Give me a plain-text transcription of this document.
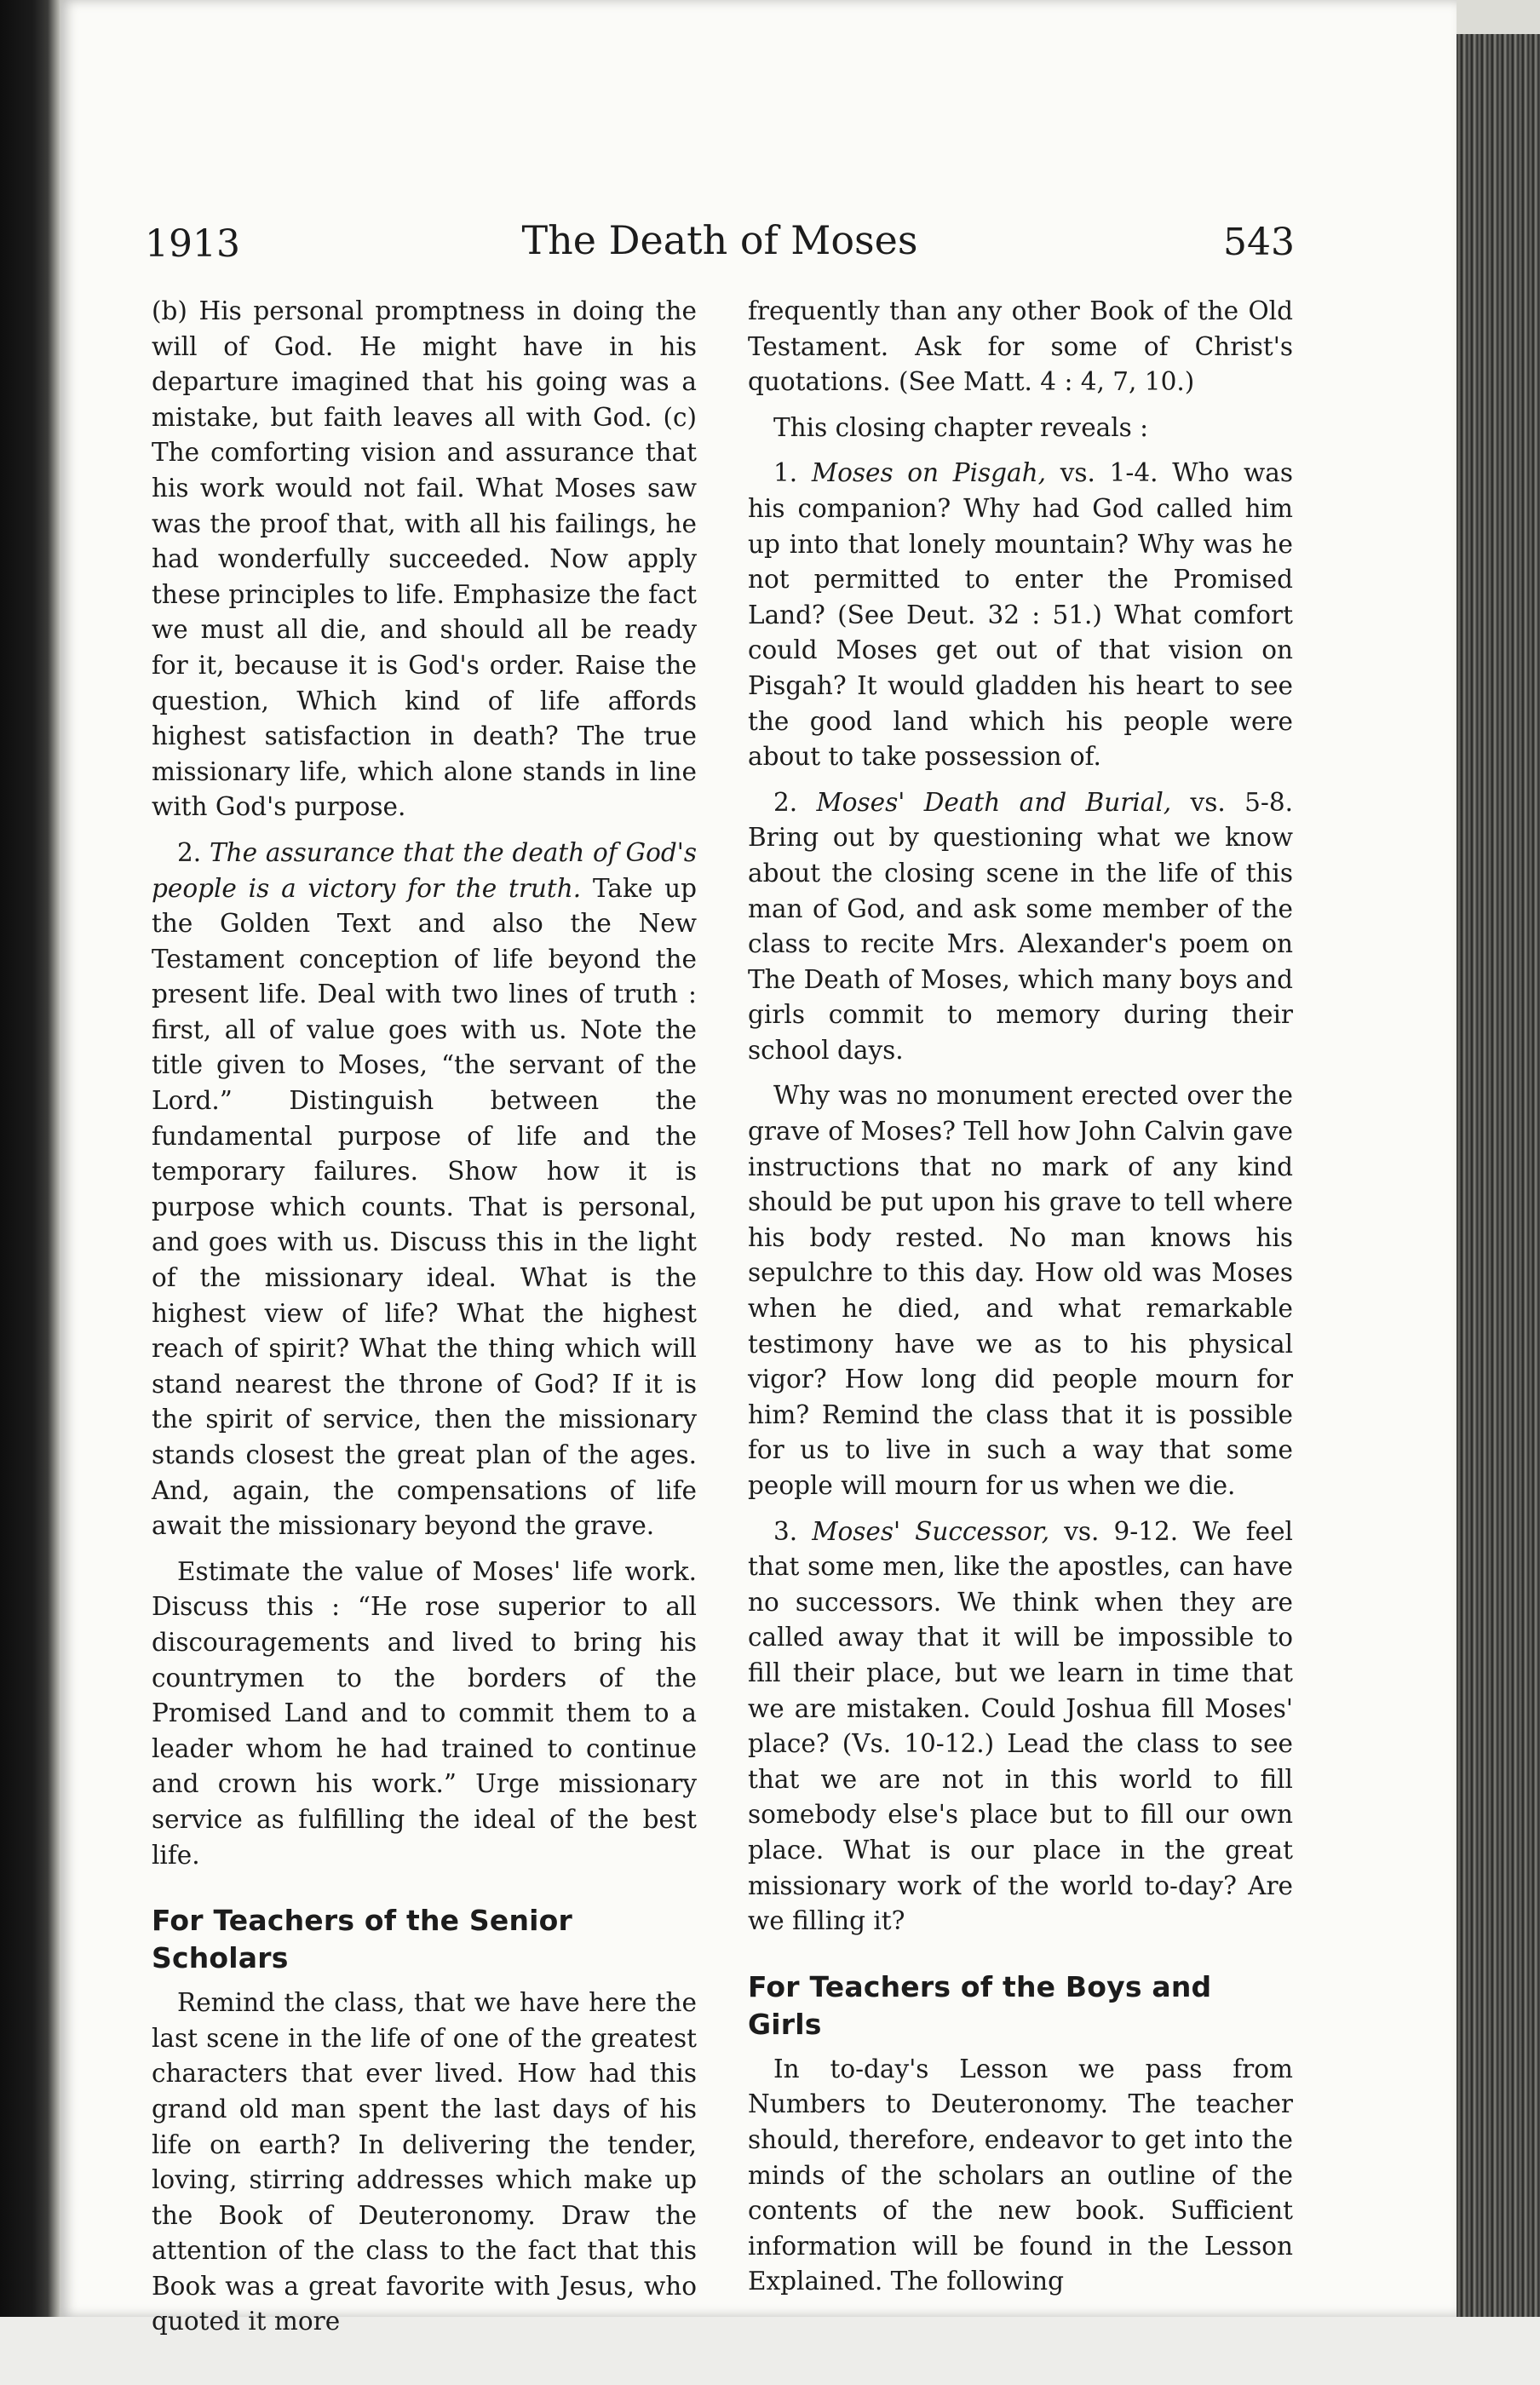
1913	The Death of Moses	543

(b) His personal promptness in doing the will of God. He might have in his departure imagined that his going was a mistake, but faith leaves all with God. (c) The comforting vision and assurance that his work would not fail. What Moses saw was the proof that, with all his failings, he had wonderfully succeeded. Now apply these principles to life. Emphasize the fact we must all die, and should all be ready for it, because it is God's order. Raise the question, Which kind of life affords highest satisfaction in death? The true missionary life, which alone stands in line with God's purpose.

2. The assurance that the death of God's people is a victory for the truth. Take up the Golden Text and also the New Testament conception of life beyond the present life. Deal with two lines of truth : first, all of value goes with us. Note the title given to Moses, “the servant of the Lord.” Distinguish between the fundamental purpose of life and the temporary failures. Show how it is purpose which counts. That is personal, and goes with us. Discuss this in the light of the missionary ideal. What is the highest view of life? What the highest reach of spirit? What the thing which will stand nearest the throne of God? If it is the spirit of service, then the missionary stands closest the great plan of the ages. And, again, the compensations of life await the missionary beyond the grave.

Estimate the value of Moses' life work. Discuss this : “He rose superior to all discouragements and lived to bring his countrymen to the borders of the Promised Land and to commit them to a leader whom he had trained to continue and crown his work.” Urge missionary service as fulfilling the ideal of the best life.

For Teachers of the Senior Scholars

Remind the class, that we have here the last scene in the life of one of the greatest characters that ever lived. How had this grand old man spent the last days of his life on earth? In delivering the tender, loving, stirring addresses which make up the Book of Deuteronomy. Draw the attention of the class to the fact that this Book was a great favorite with Jesus, who quoted it more

frequently than any other Book of the Old Testament. Ask for some of Christ's quotations. (See Matt. 4 : 4, 7, 10.)

This closing chapter reveals :

1. Moses on Pisgah, vs. 1-4. Who was his companion? Why had God called him up into that lonely mountain? Why was he not permitted to enter the Promised Land? (See Deut. 32 : 51.) What comfort could Moses get out of that vision on Pisgah? It would gladden his heart to see the good land which his people were about to take possession of.

2. Moses' Death and Burial, vs. 5-8. Bring out by questioning what we know about the closing scene in the life of this man of God, and ask some member of the class to recite Mrs. Alexander's poem on The Death of Moses, which many boys and girls commit to memory during their school days.

Why was no monument erected over the grave of Moses? Tell how John Calvin gave instructions that no mark of any kind should be put upon his grave to tell where his body rested. No man knows his sepulchre to this day. How old was Moses when he died, and what remarkable testimony have we as to his physical vigor? How long did people mourn for him? Remind the class that it is possible for us to live in such a way that some people will mourn for us when we die.

3. Moses' Successor, vs. 9-12. We feel that some men, like the apostles, can have no successors. We think when they are called away that it will be impossible to fill their place, but we learn in time that we are mistaken. Could Joshua fill Moses' place? (Vs. 10-12.) Lead the class to see that we are not in this world to fill somebody else's place but to fill our own place. What is our place in the great missionary work of the world to-day? Are we filling it?

For Teachers of the Boys and Girls

In to-day's Lesson we pass from Numbers to Deuteronomy. The teacher should, therefore, endeavor to get into the minds of the scholars an outline of the contents of the new book. Sufficient information will be found in the Lesson Explained. The following
